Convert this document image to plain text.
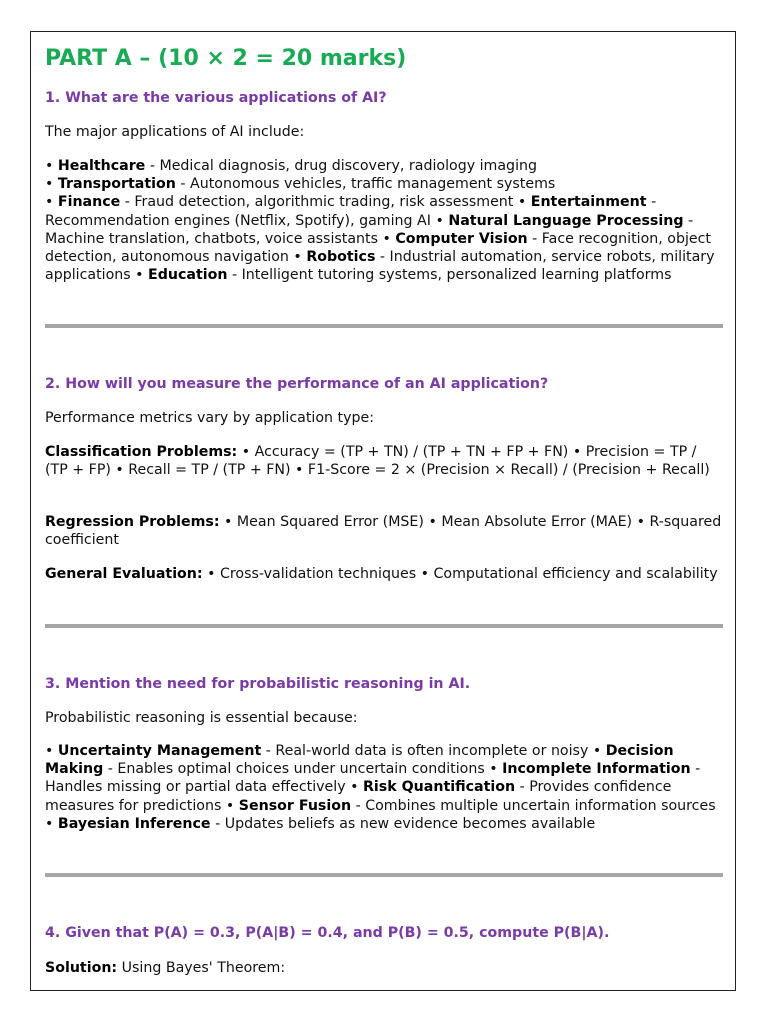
PART A – (10 × 2 = 20 marks)

1. What are the various applications of AI?

The major applications of AI include:

• Healthcare - Medical diagnosis, drug discovery, radiology imaging
• Transportation - Autonomous vehicles, traffic management systems
• Finance - Fraud detection, algorithmic trading, risk assessment • Entertainment - Recommendation engines (Netflix, Spotify), gaming AI • Natural Language Processing - Machine translation, chatbots, voice assistants • Computer Vision - Face recognition, object detection, autonomous navigation • Robotics - Industrial automation, service robots, military applications • Education - Intelligent tutoring systems, personalized learning platforms

2. How will you measure the performance of an AI application?

Performance metrics vary by application type:

Classification Problems: • Accuracy = (TP + TN) / (TP + TN + FP + FN) • Precision = TP / (TP + FP) • Recall = TP / (TP + FN) • F1-Score = 2 × (Precision × Recall) / (Precision + Recall)

Regression Problems: • Mean Squared Error (MSE) • Mean Absolute Error (MAE) • R-squared coefficient

General Evaluation: • Cross-validation techniques • Computational efficiency and scalability

3. Mention the need for probabilistic reasoning in AI.

Probabilistic reasoning is essential because:

• Uncertainty Management - Real-world data is often incomplete or noisy • Decision Making - Enables optimal choices under uncertain conditions • Incomplete Information - Handles missing or partial data effectively • Risk Quantification - Provides confidence measures for predictions • Sensor Fusion - Combines multiple uncertain information sources • Bayesian Inference - Updates beliefs as new evidence becomes available

4. Given that P(A) = 0.3, P(A|B) = 0.4, and P(B) = 0.5, compute P(B|A).

Solution: Using Bayes' Theorem:
